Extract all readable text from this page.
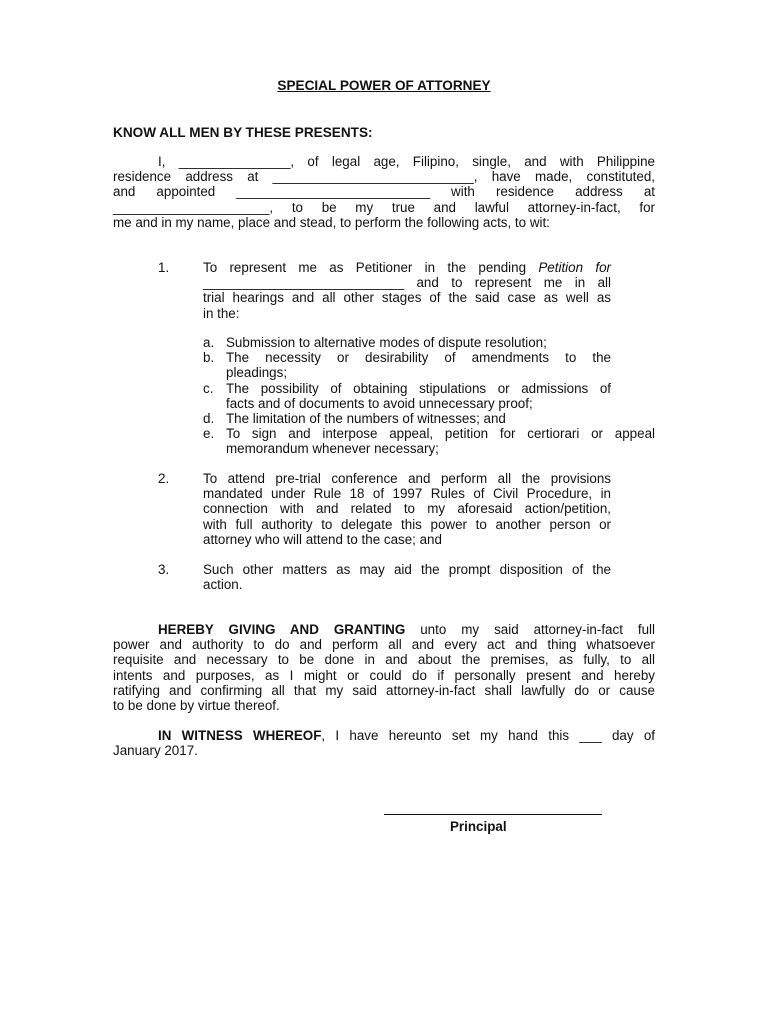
SPECIAL POWER OF ATTORNEY
KNOW ALL MEN BY THESE PRESENTS:
I, _______________, of legal age, Filipino, single, and with Philippine
residence address at ___________________________, have made, constituted,
and appointed __________________________ with residence address at
_____________________, to be my true and lawful attorney-in-fact, for
me and in my name, place and stead, to perform the following acts, to wit:
1.	To represent me as Petitioner in the pending Petition for
___________________________ and to represent me in all
trial hearings and all other stages of the said case as well as
in the:
a. Submission to alternative modes of dispute resolution;
b. The necessity or desirability of amendments to the
pleadings;
c. The possibility of obtaining stipulations or admissions of
facts and of documents to avoid unnecessary proof;
d. The limitation of the numbers of witnesses; and
e. To sign and interpose appeal, petition for certiorari or appeal
memorandum whenever necessary;
2.	To attend pre-trial conference and perform all the provisions
mandated under Rule 18 of 1997 Rules of Civil Procedure, in
connection with and related to my aforesaid action/petition,
with full authority to delegate this power to another person or
attorney who will attend to the case; and
3.	Such other matters as may aid the prompt disposition of the
action.
HEREBY GIVING AND GRANTING unto my said attorney-in-fact full
power and authority to do and perform all and every act and thing whatsoever
requisite and necessary to be done in and about the premises, as fully, to all
intents and purposes, as I might or could do if personally present and hereby
ratifying and confirming all that my said attorney-in-fact shall lawfully do or cause
to be done by virtue thereof.
IN WITNESS WHEREOF, I have hereunto set my hand this ___ day of
January 2017.
Principal
